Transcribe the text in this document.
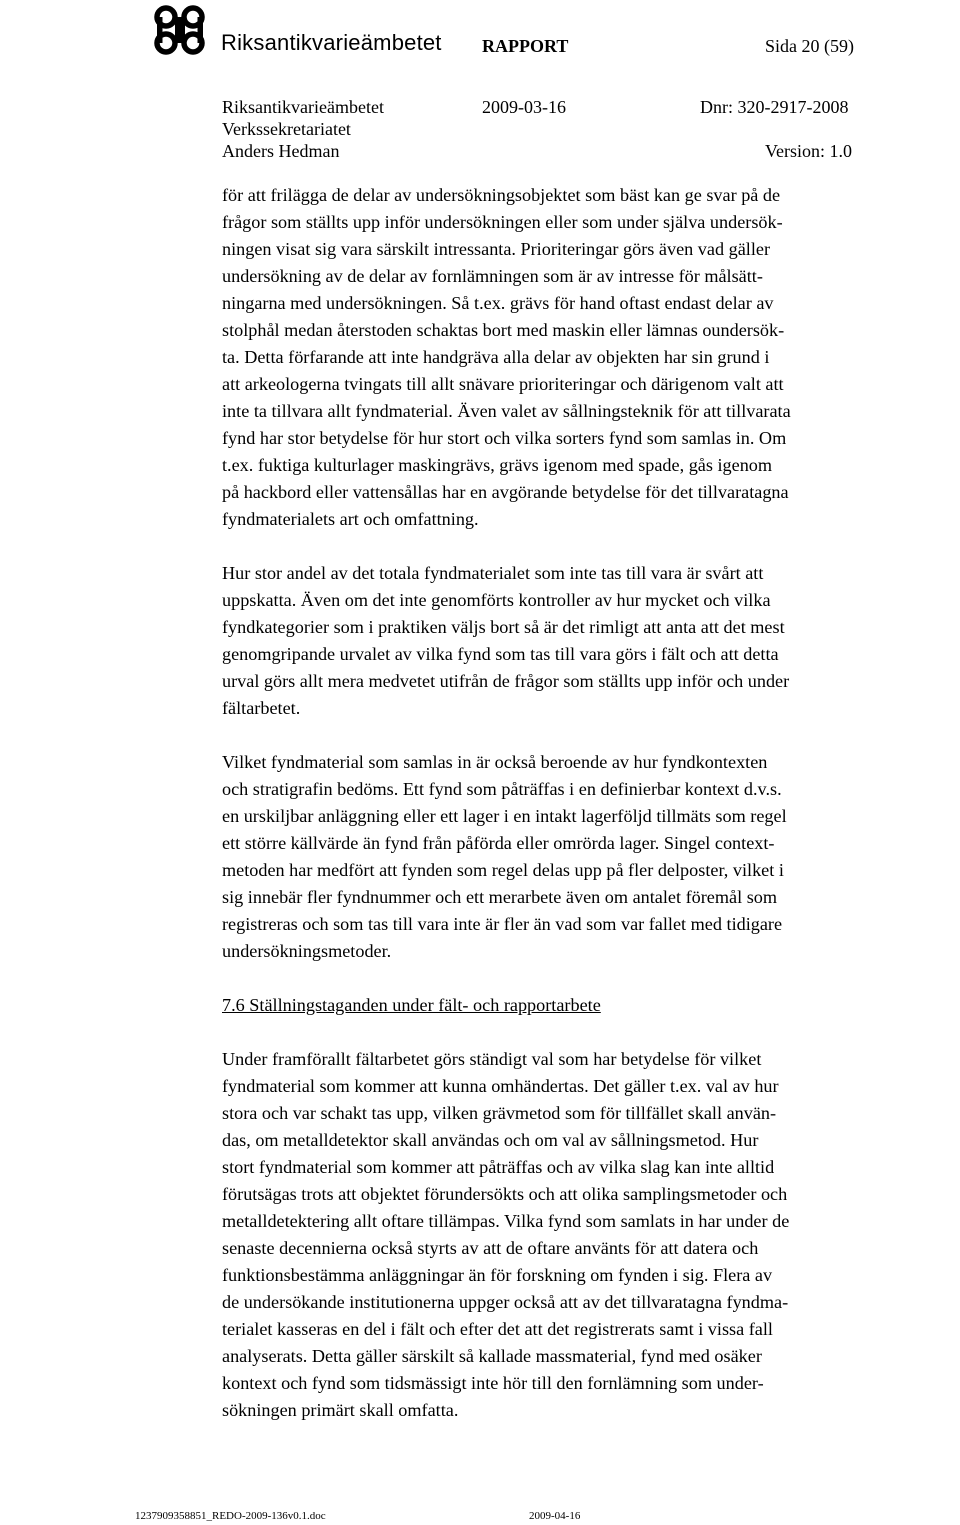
Riksantikvarieämbetet RAPPORT	Sida 20 (59)
Riksantikvarieämbetet
Verkssekretariatet
Anders Hedman
2009-03-16	Dnr: 320-2917-2008
Version: 1.0

för att frilägga de delar av undersökningsobjektet som bäst kan ge svar på de

frågor som ställts upp inför undersökningen eller som under själva undersök-

ningen visat sig vara särskilt intressanta. Prioriteringar görs även vad gäller

undersökning av de delar av fornlämningen som är av intresse för målsätt-

ningarna med undersökningen. Så t.ex. grävs för hand oftast endast delar av

stolphål medan återstoden schaktas bort med maskin eller lämnas oundersök-

ta. Detta förfarande att inte handgräva alla delar av objekten har sin grund i

att arkeologerna tvingats till allt snävare prioriteringar och därigenom valt att

inte ta tillvara allt fyndmaterial. Även valet av sållningsteknik för att tillvarata

fynd har stor betydelse för hur stort och vilka sorters fynd som samlas in. Om

t.ex. fuktiga kulturlager maskingrävs, grävs igenom med spade, gås igenom

på hackbord eller vattensållas har en avgörande betydelse för det tillvaratagna

fyndmaterialets art och omfattning.

Hur stor andel av det totala fyndmaterialet som inte tas till vara är svårt att

uppskatta. Även om det inte genomförts kontroller av hur mycket och vilka

fyndkategorier som i praktiken väljs bort så är det rimligt att anta att det mest

genomgripande urvalet av vilka fynd som tas till vara görs i fält och att detta

urval görs allt mera medvetet utifrån de frågor som ställts upp inför och under

fältarbetet.

Vilket fyndmaterial som samlas in är också beroende av hur fyndkontexten

och stratigrafin bedöms. Ett fynd som påträffas i en definierbar kontext d.v.s.

en urskiljbar anläggning eller ett lager i en intakt lagerföljd tillmäts som regel

ett större källvärde än fynd från påförda eller omrörda lager. Singel context-

metoden har medfört att fynden som regel delas upp på fler delposter, vilket i

sig innebär fler fyndnummer och ett merarbete även om antalet föremål som

registreras och som tas till vara inte är fler än vad som var fallet med tidigare

undersökningsmetoder.

7.6 Ställningstaganden under fält- och rapportarbete

Under framförallt fältarbetet görs ständigt val som har betydelse för vilket

fyndmaterial som kommer att kunna omhändertas. Det gäller t.ex. val av hur

stora och var schakt tas upp, vilken grävmetod som för tillfället skall använ-

das, om metalldetektor skall användas och om val av sållningsmetod. Hur

stort fyndmaterial som kommer att påträffas och av vilka slag kan inte alltid

förutsägas trots att objektet förundersökts och att olika samplingsmetoder och

metalldetektering allt oftare tillämpas. Vilka fynd som samlats in har under de

senaste decennierna också styrts av att de oftare använts för att datera och

funktionsbestämma anläggningar än för forskning om fynden i sig. Flera av

de undersökande institutionerna uppger också att av det tillvaratagna fyndma-

terialet kasseras en del i fält och efter det att det registrerats samt i vissa fall

analyserats. Detta gäller särskilt så kallade massmaterial, fynd med osäker

kontext och fynd som tidsmässigt inte hör till den fornlämning som under-

sökningen primärt skall omfatta.

1237909358851_REDO-2009-136v0.1.doc	2009-04-16
